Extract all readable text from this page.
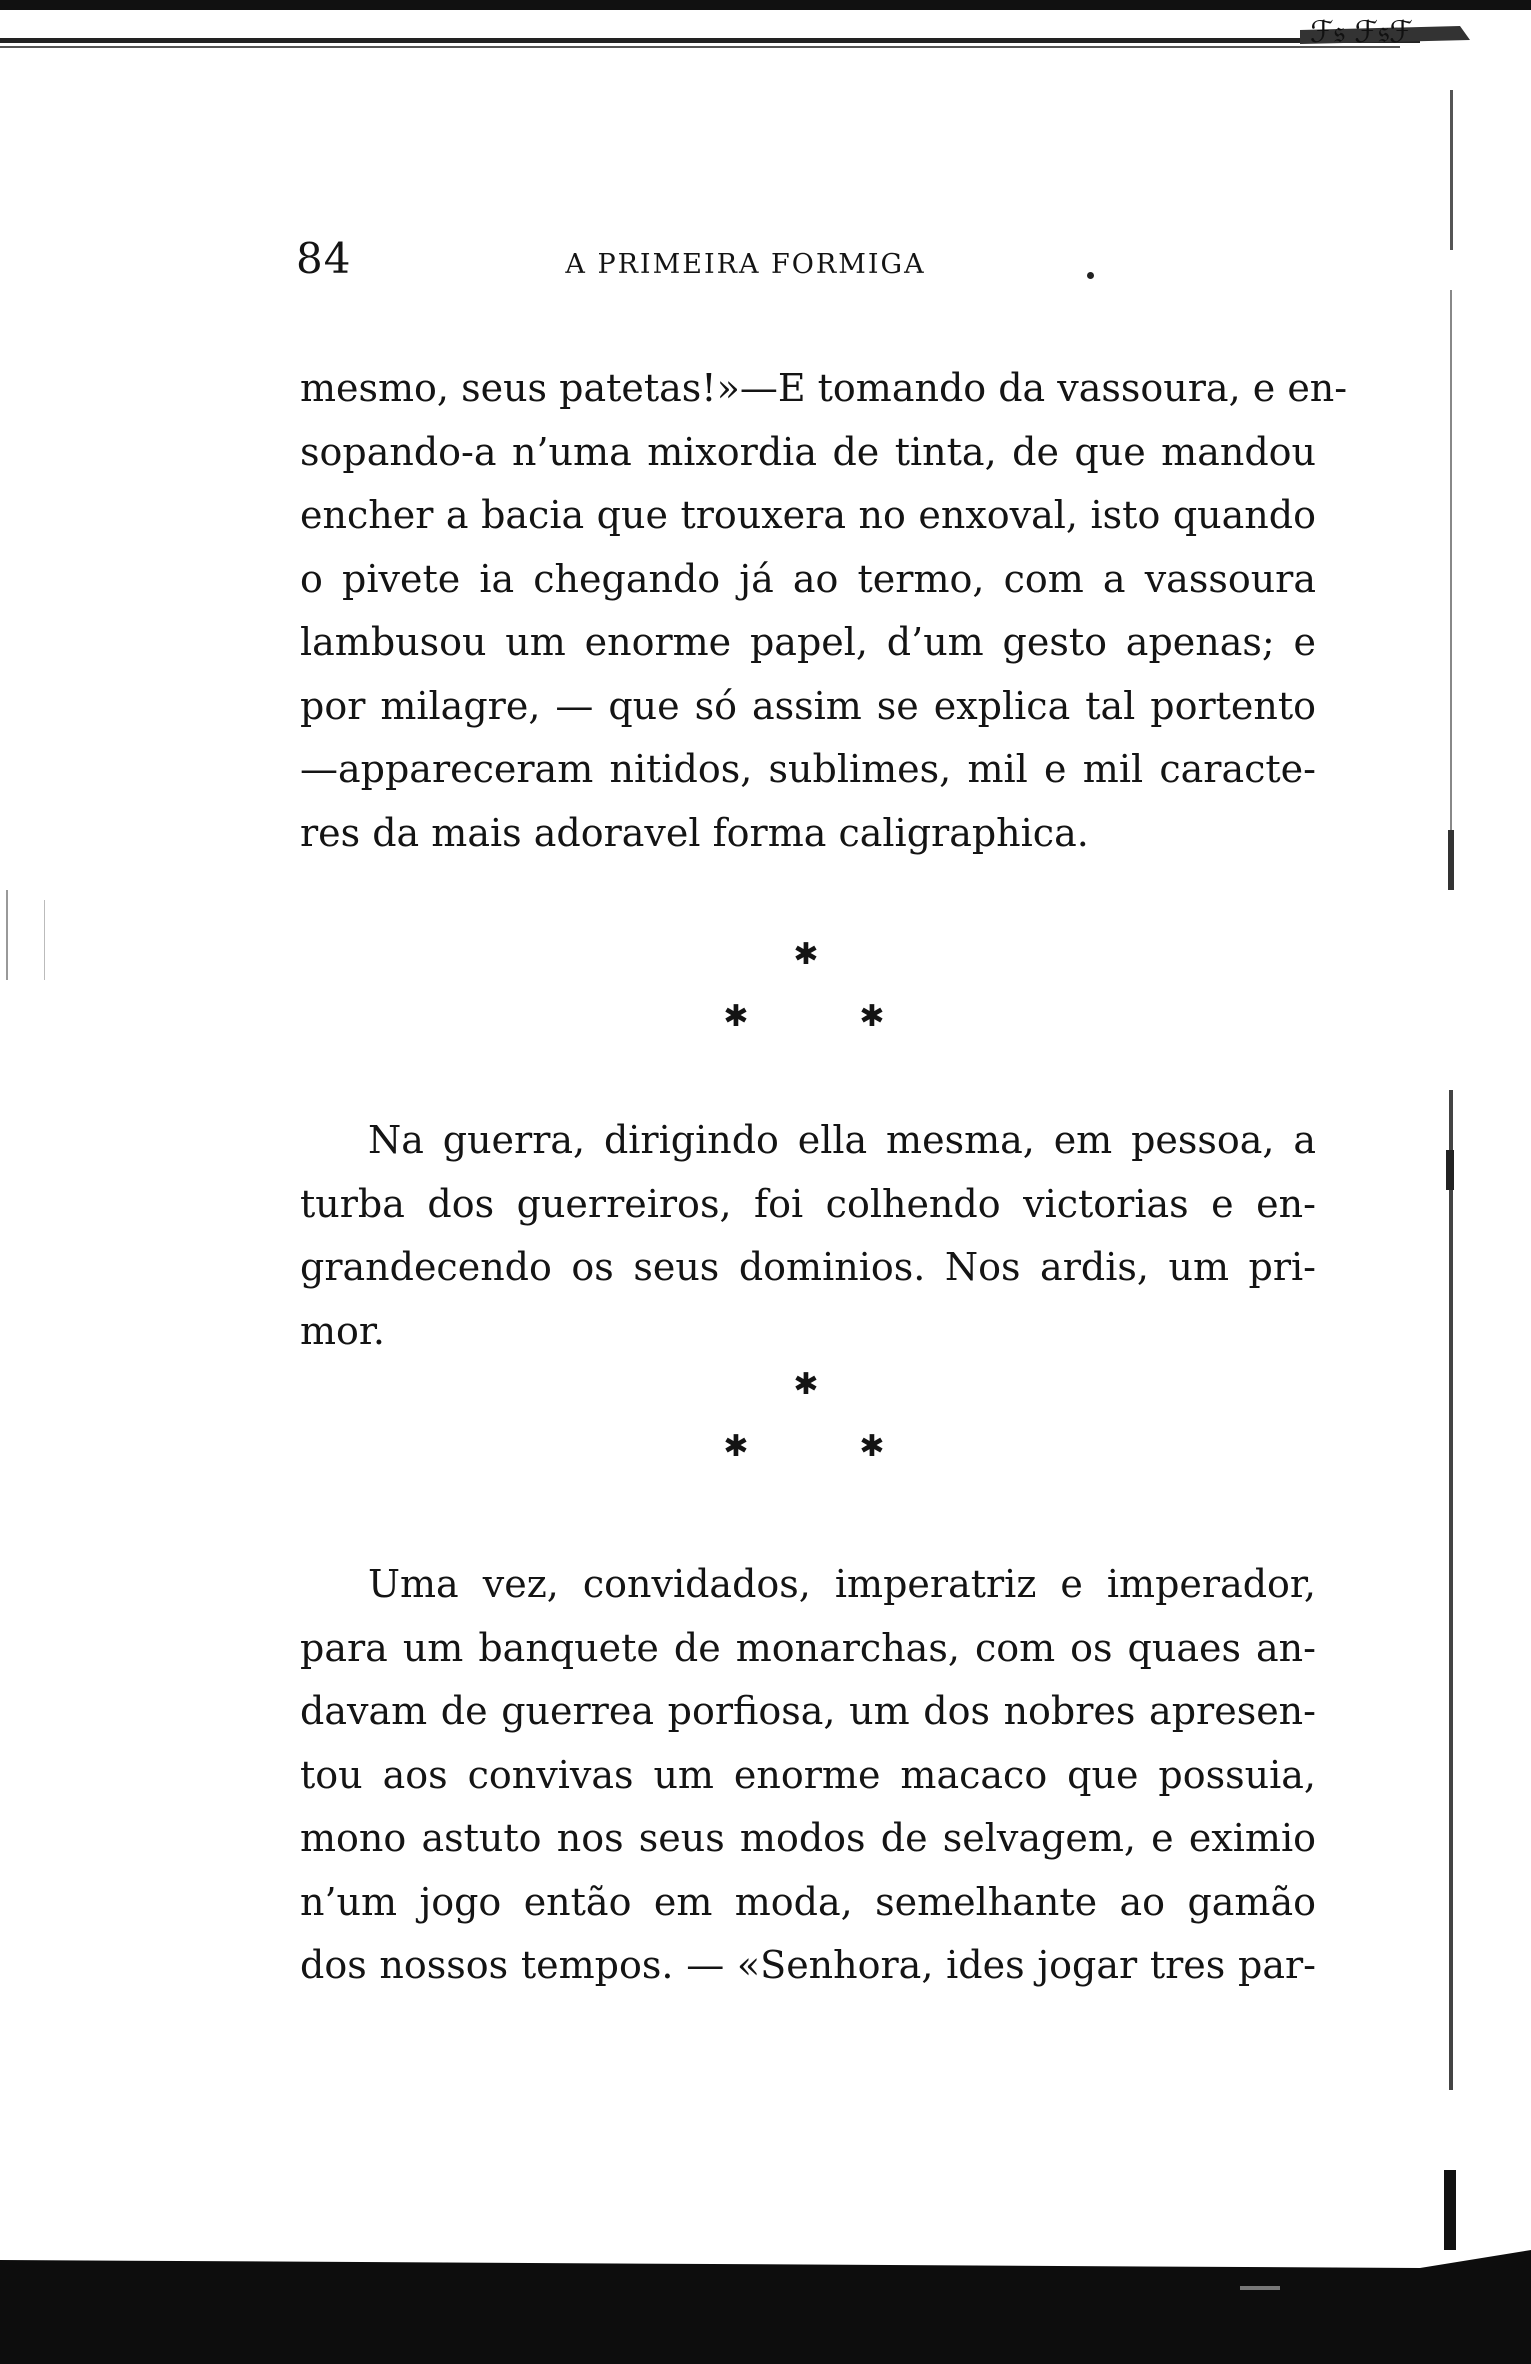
ℱ𝔰 ℱ𝔰ℱ
84	A PRIMEIRA FORMIGA
mesmo, seus patetas!»—E tomando da vassoura, e en-
sopando-a n’uma mixordia de tinta, de que mandou
encher a bacia que trouxera no enxoval, isto quando
o pivete ia chegando já ao termo, com a vassoura
lambusou um enorme papel, d’um gesto apenas; e
por milagre, — que só assim se explica tal portento
—appareceram nitidos, sublimes, mil e mil caracte-
res da mais adoravel forma caligraphica.
✱
✱	✱
Na guerra, dirigindo ella mesma, em pessoa, a
turba dos guerreiros, foi colhendo victorias e en-
grandecendo os seus dominios. Nos ardis, um pri-
mor.
✱
✱	✱
Uma vez, convidados, imperatriz e imperador,
para um banquete de monarchas, com os quaes an-
davam de guerrea porfiosa, um dos nobres apresen-
tou aos convivas um enorme macaco que possuia,
mono astuto nos seus modos de selvagem, e eximio
n’um jogo então em moda, semelhante ao gamão
dos nossos tempos. — «Senhora, ides jogar tres par-
